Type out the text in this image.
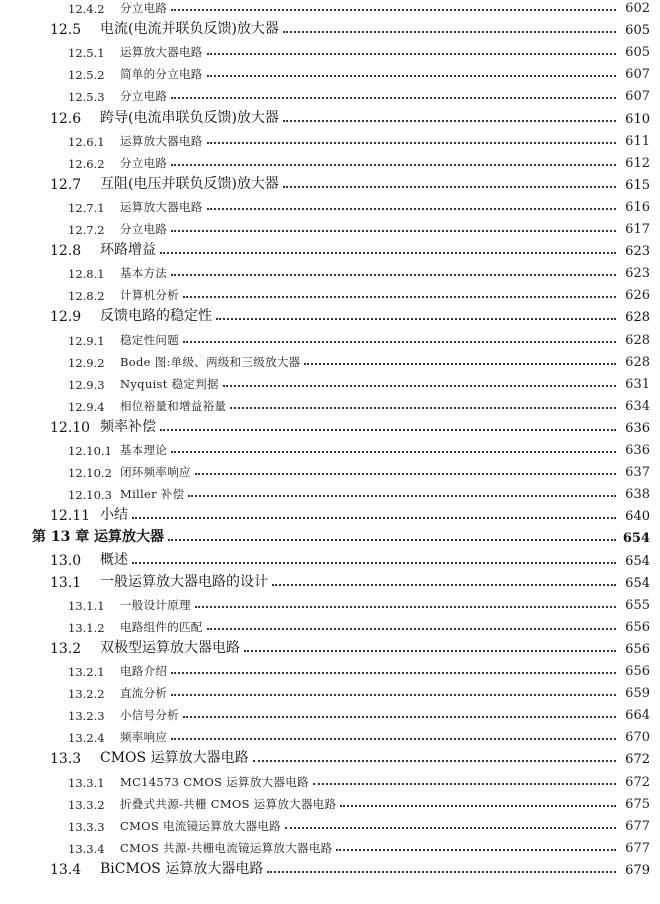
12.4.2	分立电路	602
12.5	电流(电流并联负反馈)放大器	605
12.5.1	运算放大器电路	605
12.5.2	简单的分立电路	607
12.5.3	分立电路	607
12.6	跨导(电流串联负反馈)放大器	610
12.6.1	运算放大器电路	611
12.6.2	分立电路	612
12.7	互阻(电压并联负反馈)放大器	615
12.7.1	运算放大器电路	616
12.7.2	分立电路	617
12.8	环路增益	623
12.8.1	基本方法	623
12.8.2	计算机分析	626
12.9	反馈电路的稳定性	628
12.9.1	稳定性问题	628
12.9.2	Bode 图:单级、两级和三级放大器	628
12.9.3	Nyquist 稳定判据	631
12.9.4	相位裕量和增益裕量	634
12.10 频率补偿	636
12.10.1 基本理论	636
12.10.2 闭环频率响应	637
12.10.3 Miller 补偿	638
12.11 小结	640
第 13 章 运算放大器	654
13.0	概述	654
13.1	一般运算放大器电路的设计	654
13.1.1	一般设计原理	655
13.1.2	电路组件的匹配	656
13.2	双极型运算放大器电路	656
13.2.1	电路介绍	656
13.2.2	直流分析	659
13.2.3	小信号分析	664
13.2.4	频率响应	670
13.3	CMOS 运算放大器电路	672
13.3.1	MC14573 CMOS 运算放大器电路	672
13.3.2	折叠式共源-共栅 CMOS 运算放大器电路	675
13.3.3	CMOS 电流镜运算放大器电路	677
13.3.4	CMOS 共源-共栅电流镜运算放大器电路	677
13.4	BiCMOS 运算放大器电路	679
